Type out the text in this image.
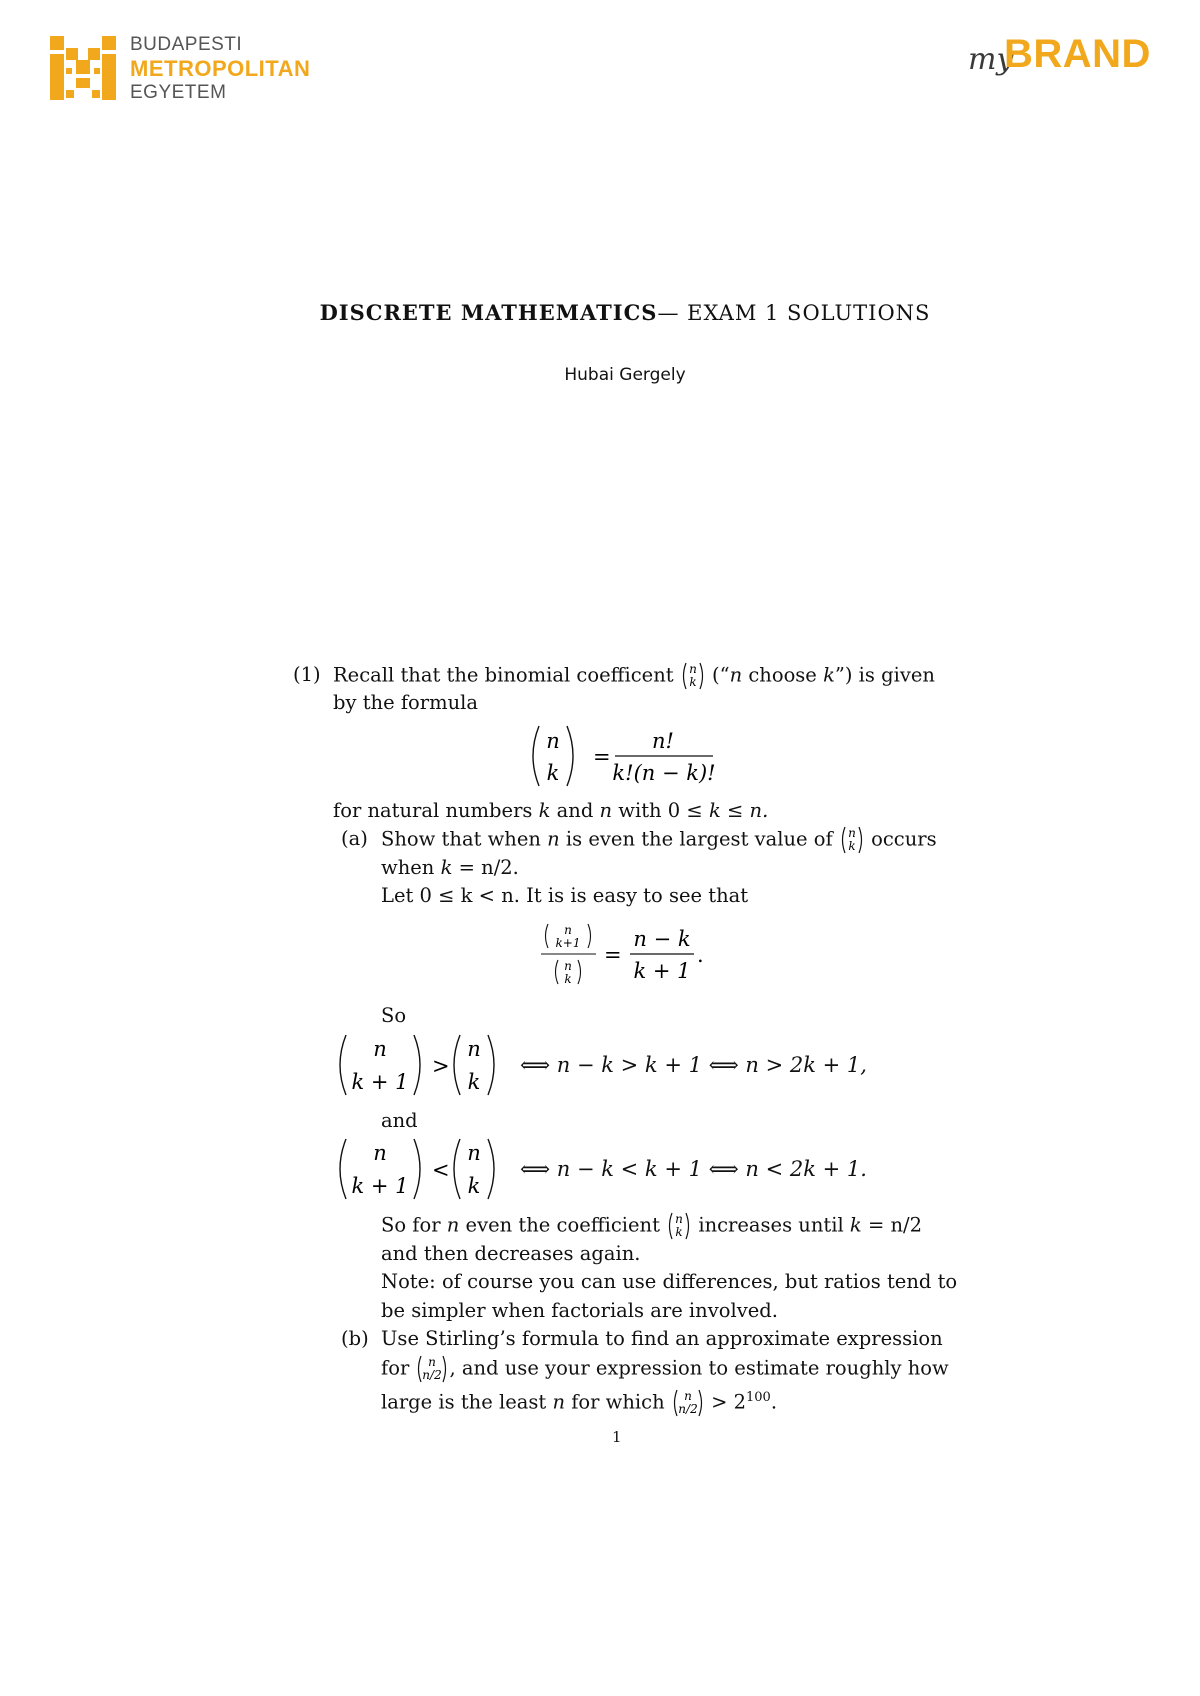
BUDAPESTI
METROPOLITAN
EGYETEM
my
BRAND
DISCRETE MATHEMATICS— EXAM 1 SOLUTIONS
Hubai Gergely
(1) Recall that the binomial coefficent n
k (“n choose k”) is given
by the formula
n
k
=
n!
k!(n − k)!
for natural numbers k and n with 0 ≤ k ≤ n.
(a) Show that when n is even the largest value of n
k occurs
when k = n/2.
Let 0 ≤ k < n. It is is easy to see that
n
k+1
n
k
=
n − k
k + 1
.
So
n
k + 1
>
n
k
⟺ n − k > k + 1 ⟺ n > 2k + 1,
and
n
k + 1
<
n
k
⟺ n − k < k + 1 ⟺ n < 2k + 1.
So for n even the coefficient n
k increases until k = n/2
and then decreases again.
Note: of course you can use differences, but ratios tend to
be simpler when factorials are involved.
(b) Use Stirling’s formula to find an approximate expression
for n
n/2 , and use your expression to estimate roughly how
large is the least n for which n
$n/2 > 2^{100}$.
1
